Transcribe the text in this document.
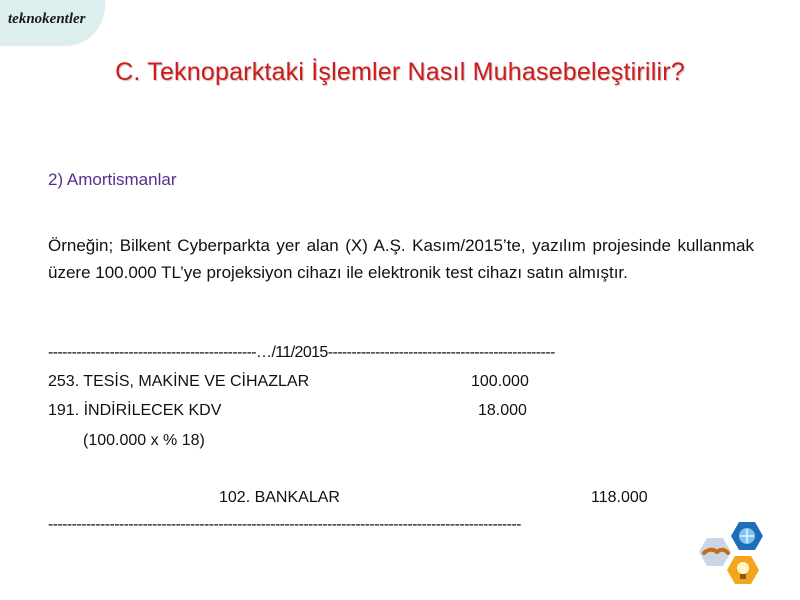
teknokentler
C. Teknoparktaki İşlemler Nasıl Muhasebeleştirilir?
2) Amortismanlar
Örneğin; Bilkent Cyberparkta yer alan (X) A.Ş. Kasım/2015’te, yazılım projesinde kullanmak üzere 100.000 TL’ye projeksiyon cihazı ile elektronik test cihazı satın almıştır.
--------------------------------------------…/11/2015------------------------------------------------
253. TESİS, MAKİNE VE CİHAZLAR	100.000
191. İNDİRİLECEK KDV	18.000
(100.000 x % 18)
102. BANKALAR	118.000
----------------------------------------------------------------------------------------------------
